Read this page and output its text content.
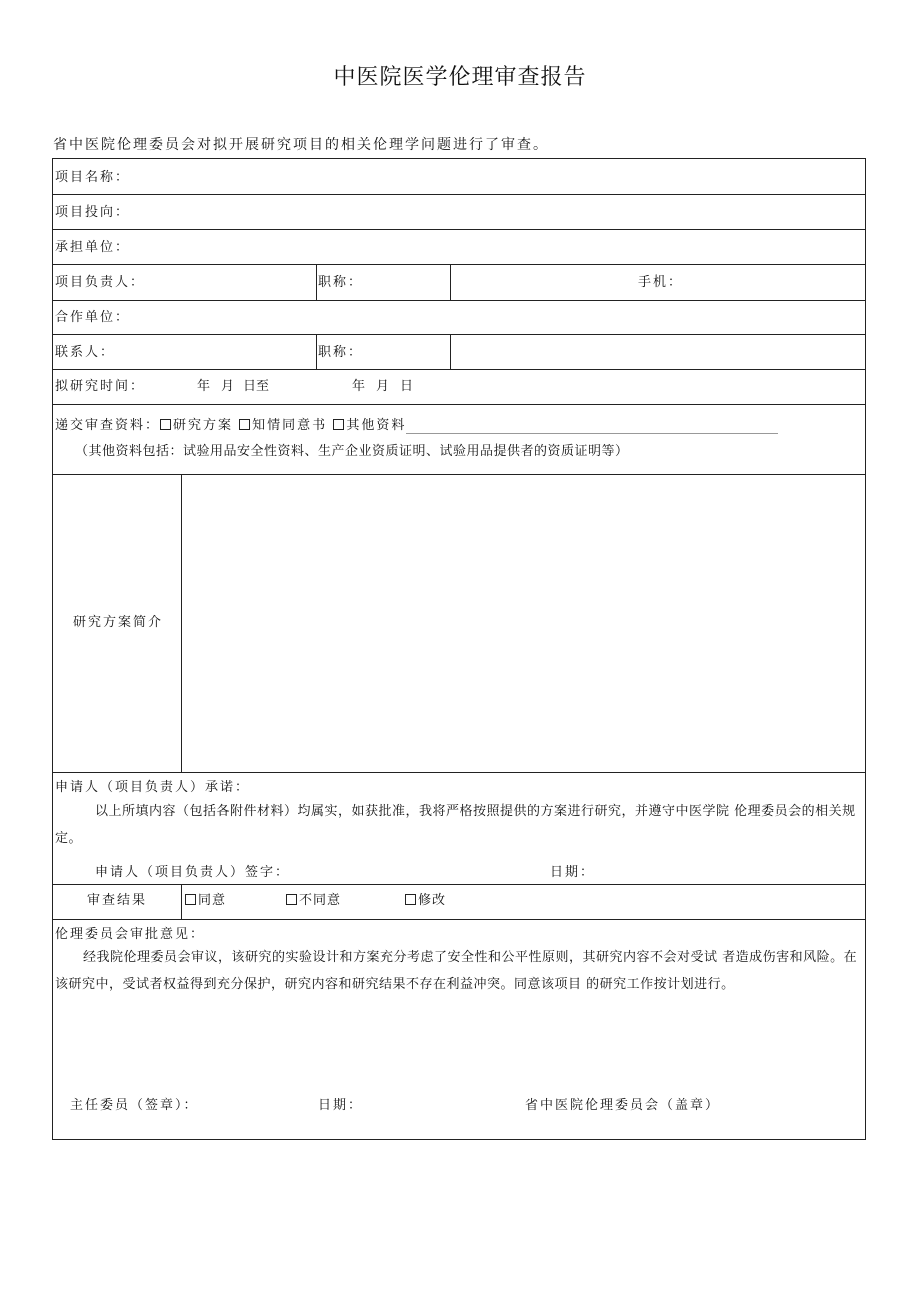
中医院医学伦理审查报告
省中医院伦理委员会对拟开展研究项目的相关伦理学问题进行了审查。
项目名称：
项目投向：
承担单位：
项目负责人：	职称：	手机：
合作单位：
联系人：	职称：
拟研究时间：	年 月 日至	年 月 日
递交审查资料： 研究方案 知情同意书 其他资料
（其他资料包括：试验用品安全性资料、生产企业资质证明、试验用品提供者的资质证明等）
研究方案简介
申请人（项目负责人）承诺：
以上所填内容（包括各附件材料）均属实，如获批准，我将严格按照提供的方案进行研究，并遵守中医学院 伦理委员会的相关规定。
申请人（项目负责人）签字：	日期：
审查结果	同意	不同意	修改
伦理委员会审批意见：
经我院伦理委员会审议，该研究的实验设计和方案充分考虑了安全性和公平性原则，其研究内容不会对受试 者造成伤害和风险。在该研究中，受试者权益得到充分保护，研究内容和研究结果不存在利益冲突。同意该项目 的研究工作按计划进行。
主任委员（签章）：	日期：	省中医院伦理委员会（盖章）
